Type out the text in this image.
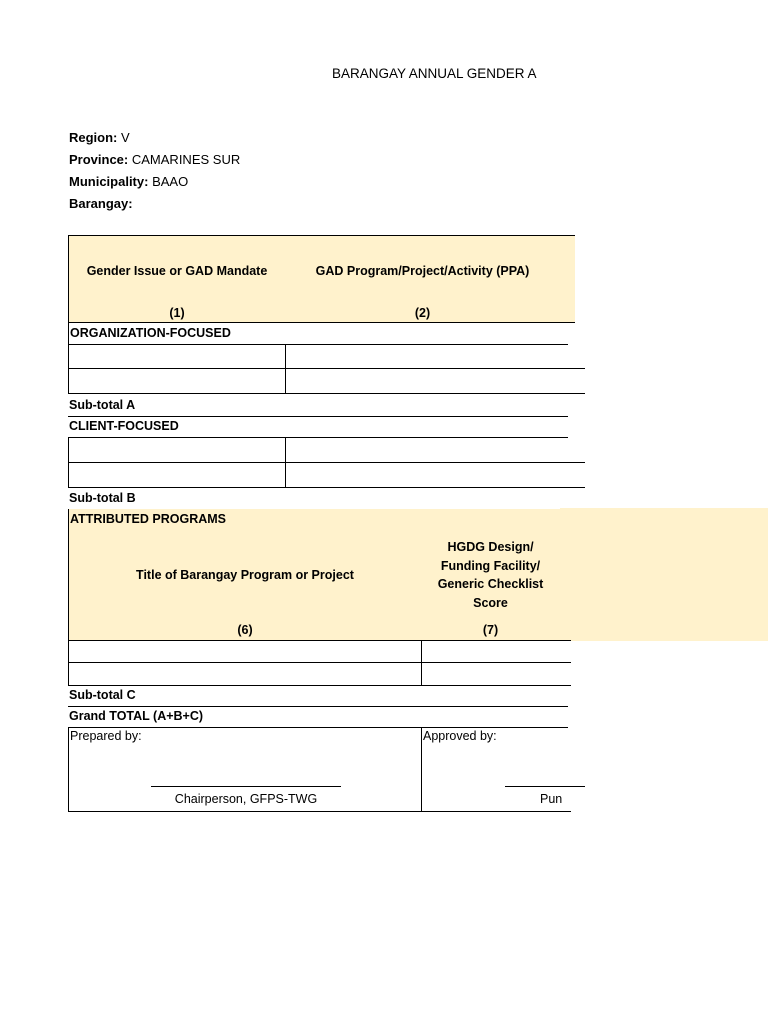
BARANGAY ANNUAL GENDER A
Region: V
Province: CAMARINES SUR
Municipality: BAAO
Barangay:
Gender Issue or GAD Mandate
(1)
GAD Program/Project/Activity (PPA)
(2)
ORGANIZATION-FOCUSED
Sub-total A
CLIENT-FOCUSED
Sub-total B
ATTRIBUTED PROGRAMS
Title of Barangay Program or Project
(6)
HGDG Design/
Funding Facility/
Generic Checklist
Score
(7)
Sub-total C
Grand TOTAL (A+B+C)
Prepared by:
Chairperson, GFPS-TWG
Approved by:
Pun
